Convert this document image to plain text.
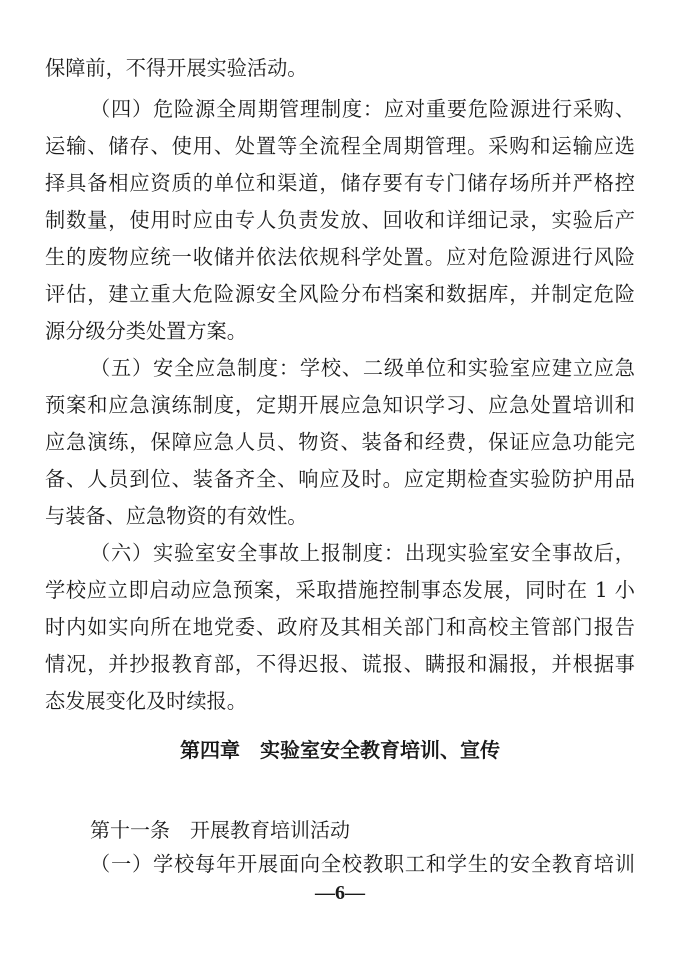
保障前，不得开展实验活动。
（四）危险源全周期管理制度：应对重要危险源进行采购、
运输、储存、使用、处置等全流程全周期管理。采购和运输应选
择具备相应资质的单位和渠道，储存要有专门储存场所并严格控
制数量，使用时应由专人负责发放、回收和详细记录，实验后产
生的废物应统一收储并依法依规科学处置。应对危险源进行风险
评估，建立重大危险源安全风险分布档案和数据库，并制定危险
源分级分类处置方案。
（五）安全应急制度：学校、二级单位和实验室应建立应急
预案和应急演练制度，定期开展应急知识学习、应急处置培训和
应急演练，保障应急人员、物资、装备和经费，保证应急功能完
备、人员到位、装备齐全、响应及时。应定期检查实验防护用品
与装备、应急物资的有效性。
（六）实验室安全事故上报制度：出现实验室安全事故后，
学校应立即启动应急预案，采取措施控制事态发展，同时在 1 小
时内如实向所在地党委、政府及其相关部门和高校主管部门报告
情况，并抄报教育部，不得迟报、谎报、瞒报和漏报，并根据事
态发展变化及时续报。
第四章　实验室安全教育培训、宣传
第十一条　开展教育培训活动
（一）学校每年开展面向全校教职工和学生的安全教育培训
—6—
